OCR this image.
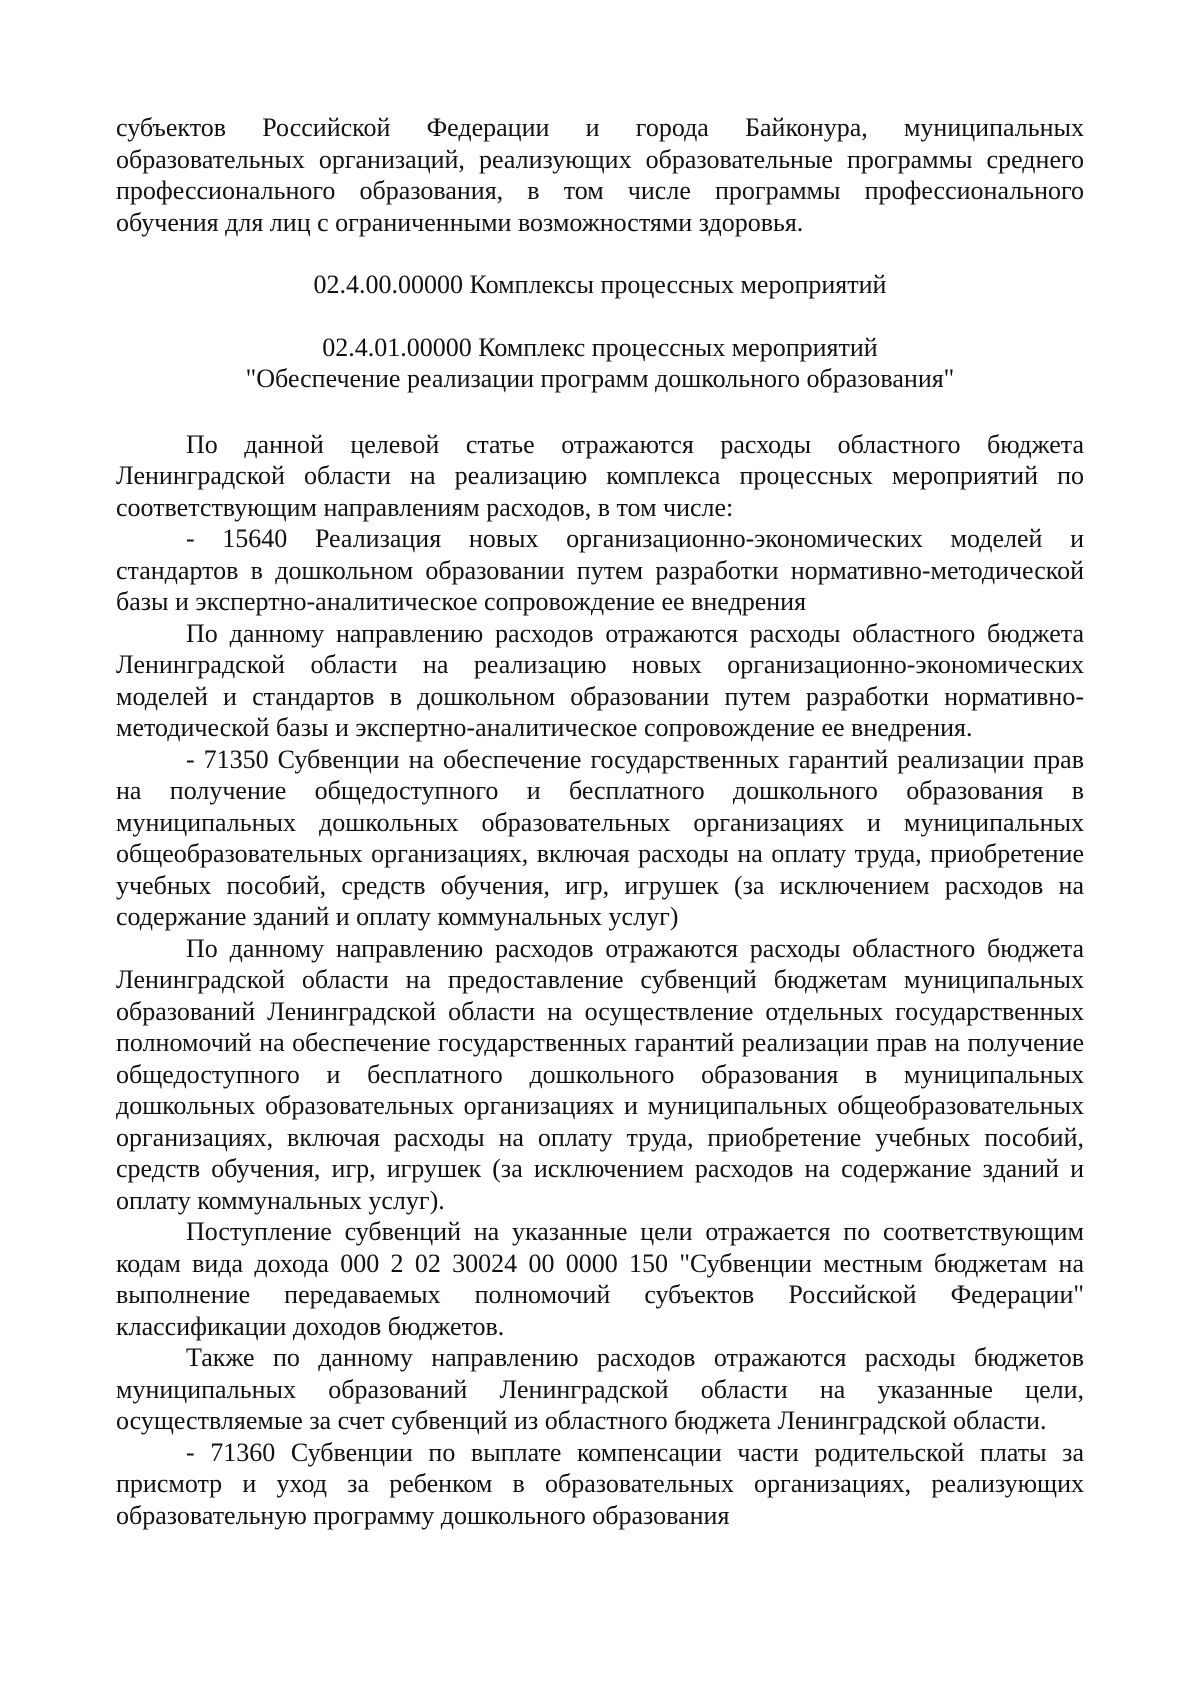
субъектов Российской Федерации и города Байконура, муниципальных образовательных организаций, реализующих образовательные программы среднего профессионального образования, в том числе программы профессионального обучения для лиц с ограниченными возможностями здоровья.

02.4.00.00000 Комплексы процессных мероприятий

02.4.01.00000 Комплекс процессных мероприятий

"Обеспечение реализации программ дошкольного образования"

По данной целевой статье отражаются расходы областного бюджета Ленинградской области на реализацию комплекса процессных мероприятий по соответствующим направлениям расходов, в том числе:

- 15640 Реализация новых организационно-экономических моделей и стандартов в дошкольном образовании путем разработки нормативно-методической базы и экспертно-аналитическое сопровождение ее внедрения

По данному направлению расходов отражаются расходы областного бюджета Ленинградской области на реализацию новых организационно-экономических моделей и стандартов в дошкольном образовании путем разработки нормативно-методической базы и экспертно-аналитическое сопровождение ее внедрения.

- 71350 Субвенции на обеспечение государственных гарантий реализации прав на получение общедоступного и бесплатного дошкольного образования в муниципальных дошкольных образовательных организациях и муниципальных общеобразовательных организациях, включая расходы на оплату труда, приобретение учебных пособий, средств обучения, игр, игрушек (за исключением расходов на содержание зданий и оплату коммунальных услуг)

По данному направлению расходов отражаются расходы областного бюджета Ленинградской области на предоставление субвенций бюджетам муниципальных образований Ленинградской области на осуществление отдельных государственных полномочий на обеспечение государственных гарантий реализации прав на получение общедоступного и бесплатного дошкольного образования в муниципальных дошкольных образовательных организациях и муниципальных общеобразовательных организациях, включая расходы на оплату труда, приобретение учебных пособий, средств обучения, игр, игрушек (за исключением расходов на содержание зданий и оплату коммунальных услуг).

Поступление субвенций на указанные цели отражается по соответствующим кодам вида дохода 000 2 02 30024 00 0000 150 "Субвенции местным бюджетам на выполнение передаваемых полномочий субъектов Российской Федерации" классификации доходов бюджетов.

Также по данному направлению расходов отражаются расходы бюджетов муниципальных образований Ленинградской области на указанные цели, осуществляемые за счет субвенций из областного бюджета Ленинградской области.

- 71360 Субвенции по выплате компенсации части родительской платы за присмотр и уход за ребенком в образовательных организациях, реализующих образовательную программу дошкольного образования
